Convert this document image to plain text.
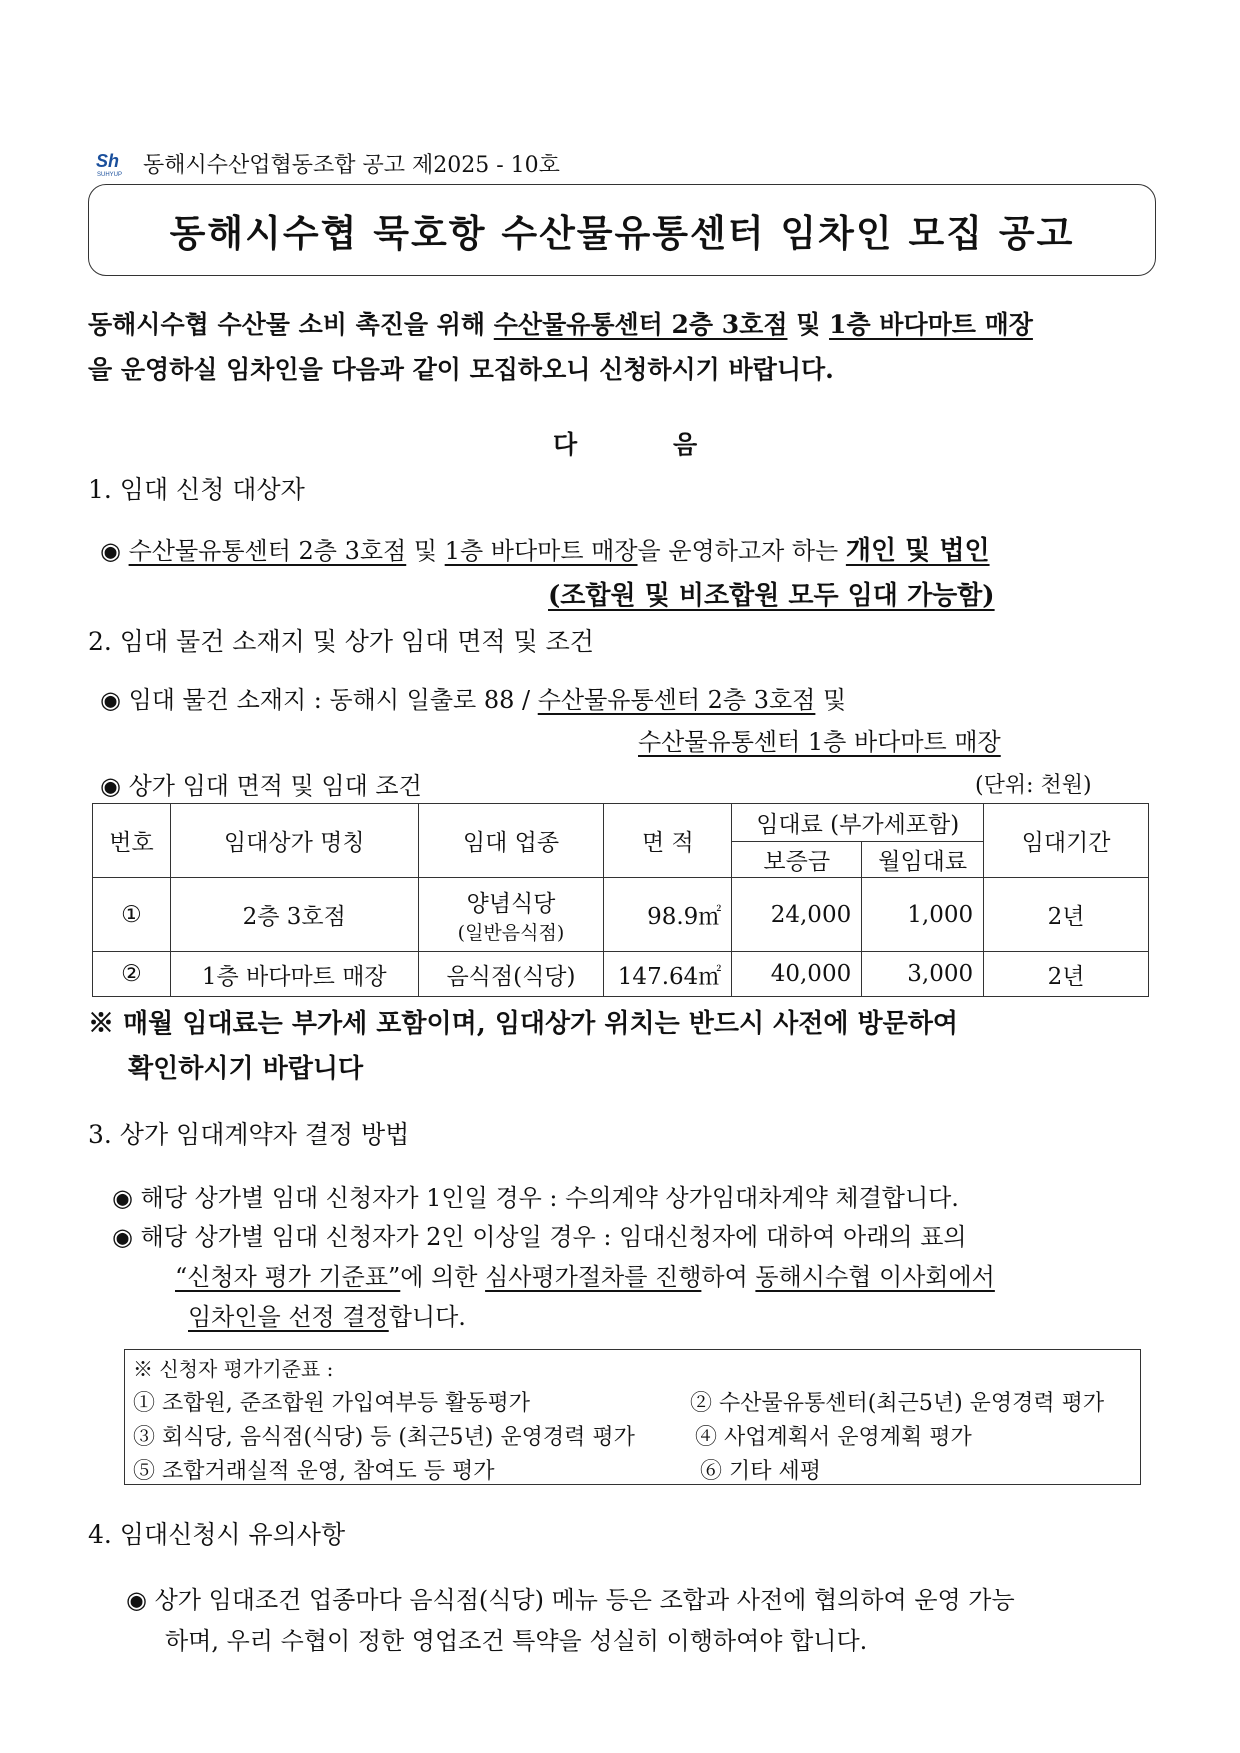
Sh
SUHYUP 동해시수산업협동조합 공고 제2025 - 10호
동해시수협 묵호항 수산물유통센터 임차인 모집 공고
동해시수협 수산물 소비 촉진을 위해 수산물유통센터 2층 3호점 및 1층 바다마트 매장
을 운영하실 임차인을 다음과 같이 모집하오니 신청하시기 바랍니다.
다	음
1. 임대 신청 대상자
◉ 수산물유통센터 2층 3호점 및 1층 바다마트 매장을 운영하고자 하는 개인 및 법인
(조합원 및 비조합원 모두 임대 가능함)
2. 임대 물건 소재지 및 상가 임대 면적 및 조건
◉ 임대 물건 소재지 : 동해시 일출로 88 / 수산물유통센터 2층 3호점 및
수산물유통센터 1층 바다마트 매장
◉ 상가 임대 면적 및 임대 조건	(단위: 천원)
번호	임대상가 명칭	임대 업종	면 적	임대료 (부가세포함)		임대기간
				보증금	월임대료	
①	2층 3호점	양념식당
(일반음식점)	98.9㎡	24,000	1,000	2년
②	1층 바다마트 매장	음식점(식당)	147.64㎡	40,000	3,000	2년
※ 매월 임대료는 부가세 포함이며, 임대상가 위치는 반드시 사전에 방문하여
확인하시기 바랍니다
3. 상가 임대계약자 결정 방법
◉ 해당 상가별 임대 신청자가 1인일 경우 : 수의계약 상가임대차계약 체결합니다.
◉ 해당 상가별 임대 신청자가 2인 이상일 경우 : 임대신청자에 대하여 아래의 표의
“신청자 평가 기준표”에 의한 심사평가절차를 진행하여 동해시수협 이사회에서
임차인을 선정 결정합니다.
※ 신청자 평가기준표 :
① 조합원, 준조합원 가입여부등 활동평가	② 수산물유통센터(최근5년) 운영경력 평가
③ 회식당, 음식점(식당) 등 (최근5년) 운영경력 평가	④ 사업계획서 운영계획 평가
⑤ 조합거래실적 운영, 참여도 등 평가	⑥ 기타 세평
4. 임대신청시 유의사항
◉ 상가 임대조건 업종마다 음식점(식당) 메뉴 등은 조합과 사전에 협의하여 운영 가능
하며, 우리 수협이 정한 영업조건 특약을 성실히 이행하여야 합니다.
